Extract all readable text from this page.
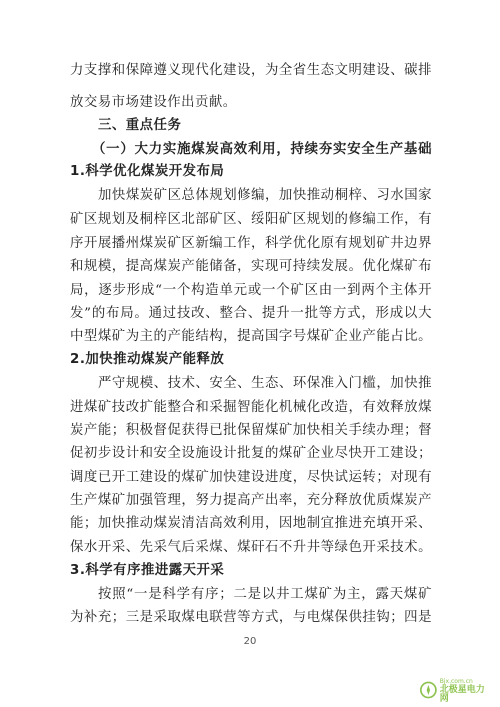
力支撑和保障遵义现代化建设，为全省生态文明建设、碳排
放交易市场建设作出贡献。
三、重点任务
（一）大力实施煤炭高效利用，持续夯实安全生产基础
1.科学优化煤炭开发布局
加快煤炭矿区总体规划修编，加快推动桐梓、习水国家
矿区规划及桐梓区北部矿区、绥阳矿区规划的修编工作，有
序开展播州煤炭矿区新编工作，科学优化原有规划矿井边界
和规模，提高煤炭产能储备，实现可持续发展。优化煤矿布
局，逐步形成“一个构造单元或一个矿区由一到两个主体开
发”的布局。通过技改、整合、提升一批等方式，形成以大
中型煤矿为主的产能结构，提高国字号煤矿企业产能占比。
2.加快推动煤炭产能释放
严守规模、技术、安全、生态、环保准入门槛，加快推
进煤矿技改扩能整合和采掘智能化机械化改造，有效释放煤
炭产能；积极督促获得已批保留煤矿加快相关手续办理；督
促初步设计和安全设施设计批复的煤矿企业尽快开工建设；
调度已开工建设的煤矿加快建设进度，尽快试运转；对现有
生产煤矿加强管理，努力提高产出率，充分释放优质煤炭产
能；加快推动煤炭清洁高效利用，因地制宜推进充填开采、
保水开采、先采气后采煤、煤矸石不升井等绿色开采技术。
3.科学有序推进露天开采
按照“一是科学有序；二是以井工煤矿为主，露天煤矿
为补充；三是采取煤电联营等方式，与电煤保供挂钩；四是
20
Bjx.com.cn
北极星电力网
